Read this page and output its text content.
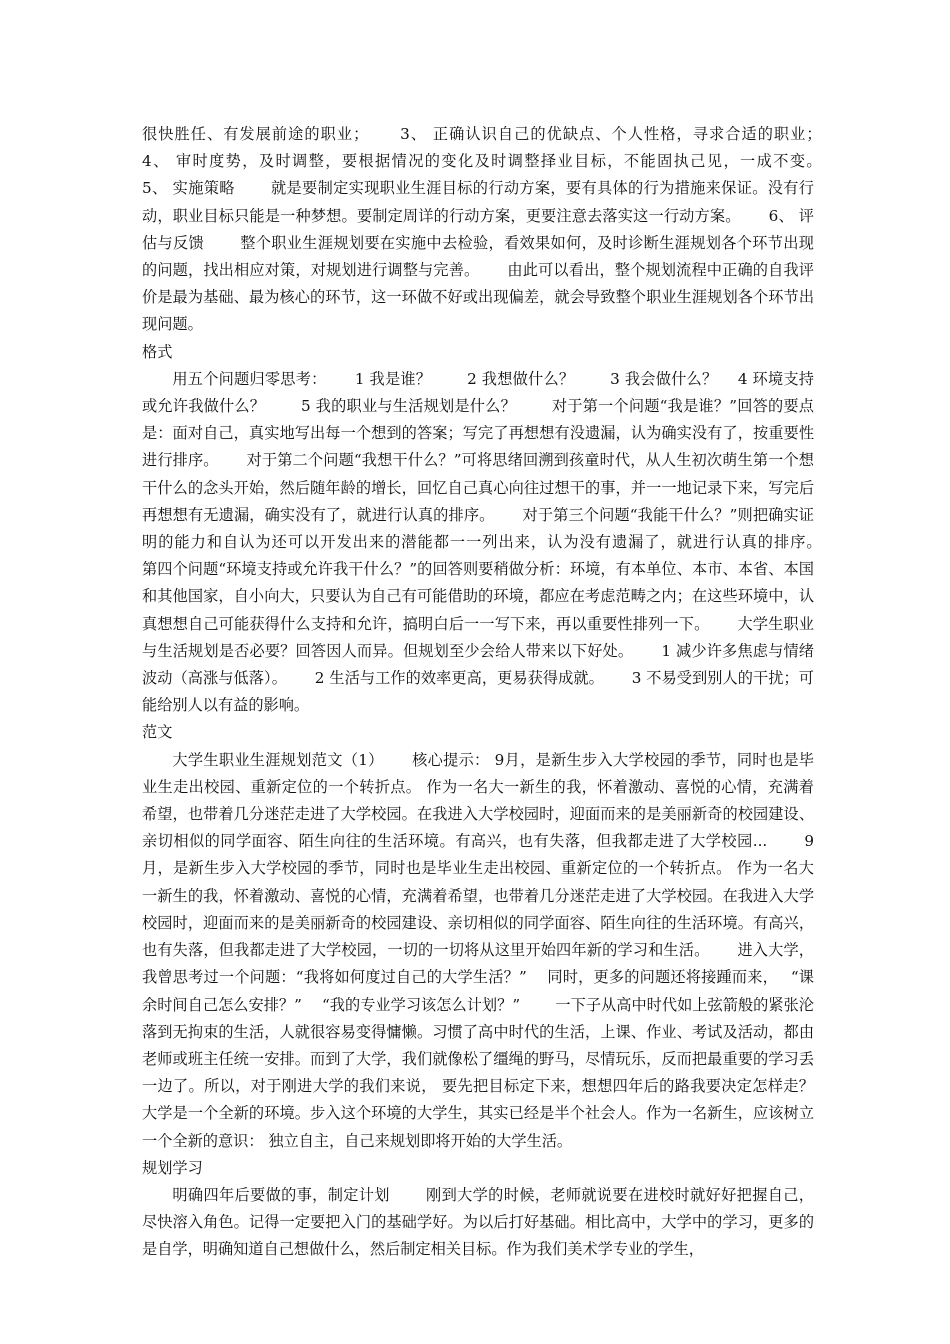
很快胜任、有发展前途的职业；　　 3、 正确认识自己的优缺点、个人性格，寻求合适的职业；　　 4、 审时度势，及时调整，要根据情况的变化及时调整择业目标，不能固执己见，一成不变。　　 5、 实施策略　　 就是要制定实现职业生涯目标的行动方案，要有具体的行为措施来保证。没有行动，职业目标只能是一种梦想。要制定周详的行动方案，更要注意去落实这一行动方案。　　 6、 评估与反馈　　 整个职业生涯规划要在实施中去检验，看效果如何，及时诊断生涯规划各个环节出现的问题，找出相应对策，对规划进行调整与完善。　　 由此可以看出，整个规划流程中正确的自我评价是最为基础、最为核心的环节，这一环做不好或出现偏差，就会导致整个职业生涯规划各个环节出现问题。

格式

用五个问题归零思考：　　 1 我是谁？　　 2 我想做什么？　　 3 我会做什么？　 4 环境支持或允许我做什么？　　 5 我的职业与生活规划是什么？　　 对于第一个问题“我是谁？”回答的要点是：面对自己，真实地写出每一个想到的答案；写完了再想想有没遗漏，认为确实没有了，按重要性进行排序。　　 对于第二个问题“我想干什么？”可将思绪回溯到孩童时代，从人生初次萌生第一个想干什么的念头开始，然后随年龄的增长，回忆自己真心向往过想干的事，并一一地记录下来，写完后再想想有无遗漏，确实没有了，就进行认真的排序。　　 对于第三个问题“我能干什么？”则把确实证明的能力和自认为还可以开发出来的潜能都一一列出来，认为没有遗漏了，就进行认真的排序。　　 第四个问题“环境支持或允许我干什么？”的回答则要稍做分析：环境，有本单位、本市、本省、本国和其他国家，自小向大，只要认为自己有可能借助的环境，都应在考虑范畴之内；在这些环境中，认真想想自己可能获得什么支持和允许，搞明白后一一写下来，再以重要性排列一下。　　 大学生职业与生活规划是否必要？回答因人而异。但规划至少会给人带来以下好处。　　 1 减少许多焦虑与情绪波动（高涨与低落）。　　 2 生活与工作的效率更高，更易获得成就。　　 3 不易受到别人的干扰；可能给别人以有益的影响。

范文

大学生职业生涯规划范文（1）　　 核心提示： 9月，是新生步入大学校园的季节，同时也是毕业生走出校园、重新定位的一个转折点。 作为一名大一新生的我，怀着激动、喜悦的心情，充满着希望，也带着几分迷茫走进了大学校园。在我进入大学校园时，迎面而来的是美丽新奇的校园建设、亲切相似的同学面容、陌生向往的生活环境。有高兴，也有失落，但我都走进了大学校园...　　 9月，是新生步入大学校园的季节，同时也是毕业生走出校园、重新定位的一个转折点。 作为一名大一新生的我，怀着激动、喜悦的心情，充满着希望，也带着几分迷茫走进了大学校园。在我进入大学校园时，迎面而来的是美丽新奇的校园建设、亲切相似的同学面容、陌生向往的生活环境。有高兴，也有失落，但我都走进了大学校园，一切的一切将从这里开始四年新的学习和生活。　　 进入大学，我曾思考过一个问题：“我将如何度过自己的大学生活？”　 同时，更多的问题还将接踵而来，　 “课余时间自己怎么安排？”　 “我的专业学习该怎么计划？”　　 一下子从高中时代如上弦箭般的紧张沦落到无拘束的生活，人就很容易变得慵懒。习惯了高中时代的生活，上课、作业、考试及活动，都由老师或班主任统一安排。而到了大学，我们就像松了缰绳的野马，尽情玩乐，反而把最重要的学习丢一边了。所以，对于刚进大学的我们来说， 要先把目标定下来，想想四年后的路我要决定怎样走？大学是一个全新的环境。步入这个环境的大学生，其实已经是半个社会人。作为一名新生，应该树立一个全新的意识： 独立自主，自己来规划即将开始的大学生活。

规划学习

明确四年后要做的事，制定计划　　 刚到大学的时候，老师就说要在进校时就好好把握自己，尽快溶入角色。记得一定要把入门的基础学好。为以后打好基础。相比高中，大学中的学习，更多的是自学，明确知道自己想做什么，然后制定相关目标。作为我们美术学专业的学生，
